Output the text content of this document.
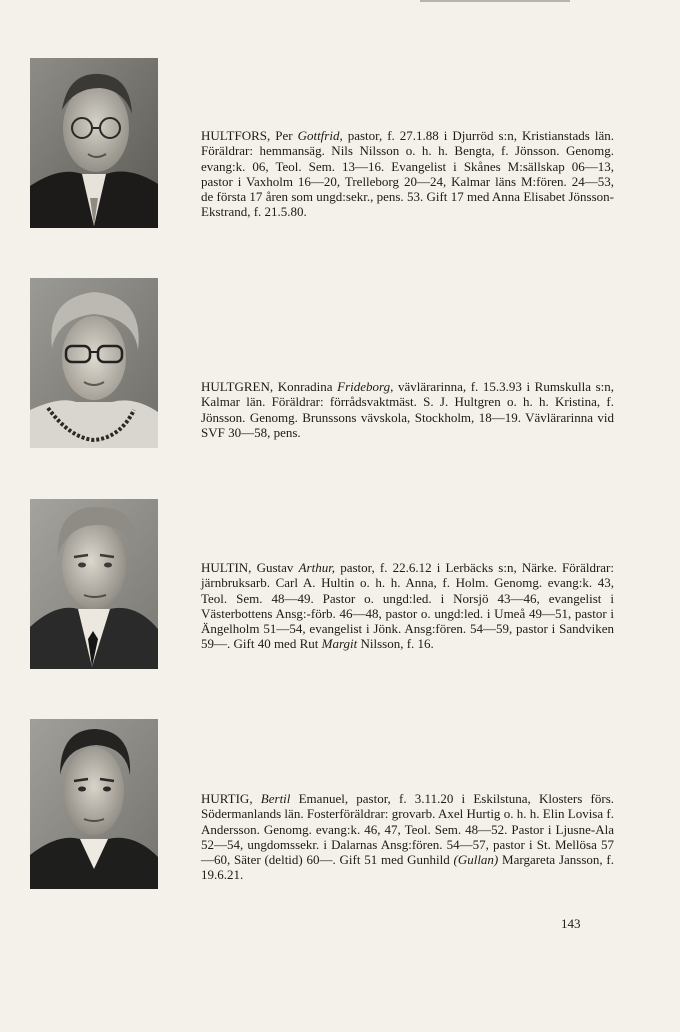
HULTFORS, Per Gottfrid, pastor, f. 27.1.88 i Djurröd s:n, Kristianstads län. Föräldrar: hemmansäg. Nils Nilsson o. h. h. Bengta, f. Jönsson. Genomg. evang:k. 06, Teol. Sem. 13—16. Evangelist i Skånes M:sällskap 06—13, pastor i Vaxholm 16—20, Trelleborg 20—24, Kalmar läns M:fören. 24—53, de första 17 åren som ungd:sekr., pens. 53. Gift 17 med Anna Elisabet Jönsson-Ekstrand, f. 21.5.80.

HULTGREN, Konradina Frideborg, vävlärarinna, f. 15.3.93 i Rumskulla s:n, Kalmar län. Föräldrar: förrådsvaktmäst. S. J. Hultgren o. h. h. Kristina, f. Jönsson. Genomg. Brunssons vävskola, Stockholm, 18—19. Vävlärarinna vid SVF 30—58, pens.

HULTIN, Gustav Arthur, pastor, f. 22.6.12 i Lerbäcks s:n, Närke. Föräldrar: järnbruksarb. Carl A. Hultin o. h. h. Anna, f. Holm. Genomg. evang:k. 43, Teol. Sem. 48—49. Pastor o. ungd:led. i Norsjö 43—46, evangelist i Västerbottens Ansg:-förb. 46—48, pastor o. ungd:led. i Umeå 49—51, pastor i Ängelholm 51—54, evangelist i Jönk. Ansg:fören. 54—59, pastor i Sandviken 59—. Gift 40 med Rut Margit Nilsson, f. 16.

HURTIG, Bertil Emanuel, pastor, f. 3.11.20 i Eskilstuna, Klosters förs. Södermanlands län. Fosterföräldrar: grovarb. Axel Hurtig o. h. h. Elin Lovisa f. Andersson. Genomg. evang:k. 46, 47, Teol. Sem. 48—52. Pastor i Ljusne-Ala 52—54, ungdomssekr. i Dalarnas Ansg:fören. 54—57, pastor i St. Mellösa 57—60, Säter (deltid) 60—. Gift 51 med Gunhild (Gullan) Margareta Jansson, f. 19.6.21.

143
